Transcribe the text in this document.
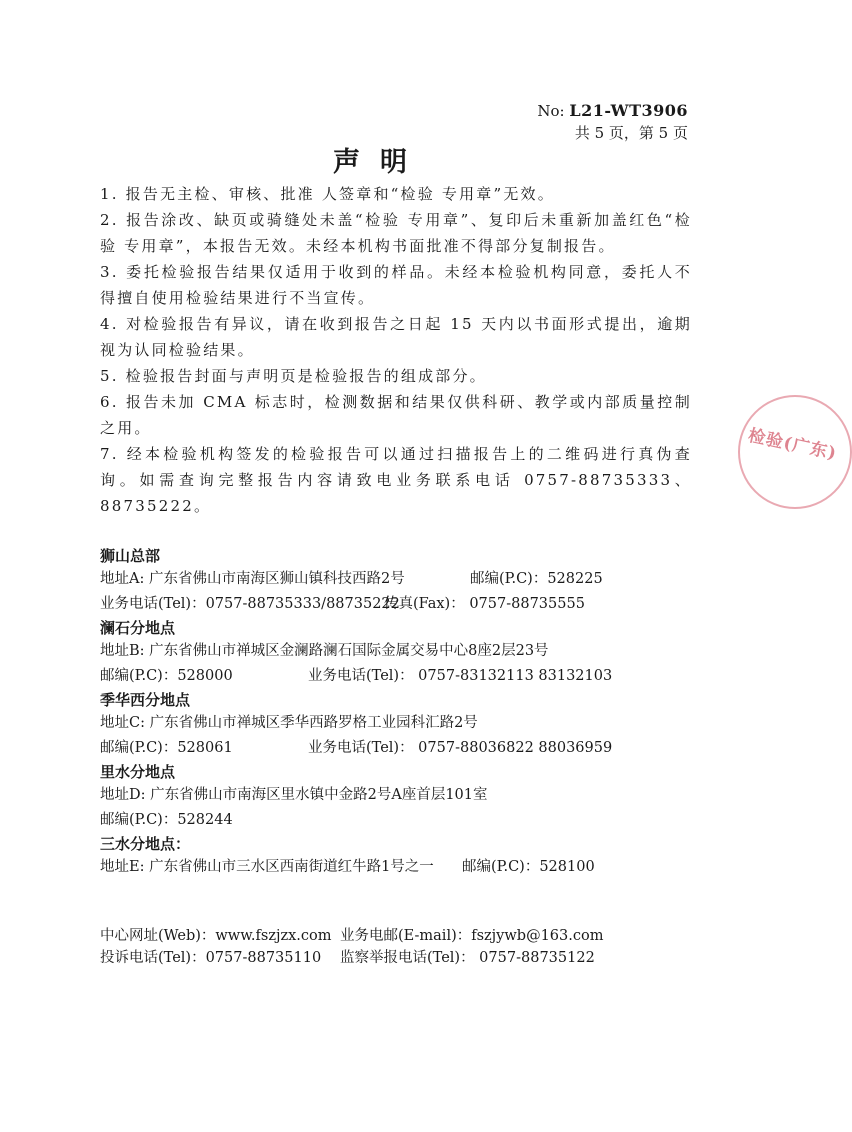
No: L21-WT3906
共 5 页，第 5 页
声明

1. 报告无主检、审核、批准 人签章和“检验 专用章”无效。

2. 报告涂改、缺页或骑缝处未盖“检验 专用章”、复印后未重新加盖红色“检验 专用章”，本报告无效。未经本机构书面批准不得部分复制报告。

3. 委托检验报告结果仅适用于收到的样品。未经本检验机构同意，委托人不得擅自使用检验结果进行不当宣传。

4. 对检验报告有异议，请在收到报告之日起 15 天内以书面形式提出，逾期视为认同检验结果。

5. 检验报告封面与声明页是检验报告的组成部分。

6. 报告未加 CMA 标志时，检测数据和结果仅供科研、教学或内部质量控制之用。

7. 经本检验机构签发的检验报告可以通过扫描报告上的二维码进行真伪查询。如需查询完整报告内容请致电业务联系电话 0757-88735333、88735222。

狮山总部
地址A: 广东省佛山市南海区狮山镇科技西路2号	邮编(P.C)：528225
业务电话(Tel)：0757-88735333/88735222
传真(Fax)： 0757-88735555
澜石分地点
地址B: 广东省佛山市禅城区金澜路澜石国际金属交易中心8座2层23号
邮编(P.C)：528000	业务电话(Tel)： 0757-83132113 83132103
季华西分地点
地址C: 广东省佛山市禅城区季华西路罗格工业园科汇路2号
邮编(P.C)：528061	业务电话(Tel)： 0757-88036822 88036959
里水分地点
地址D: 广东省佛山市南海区里水镇中金路2号A座首层101室
邮编(P.C)：528244
三水分地点：
地址E: 广东省佛山市三水区西南街道红牛路1号之一 邮编(P.C)：528100
中心网址(Web)：www.fszjzx.com 业务电邮(E-mail)：fszjywb@163.com
投诉电话(Tel)：0757-88735110 监察举报电话(Tel)： 0757-88735122
检验(广东)
